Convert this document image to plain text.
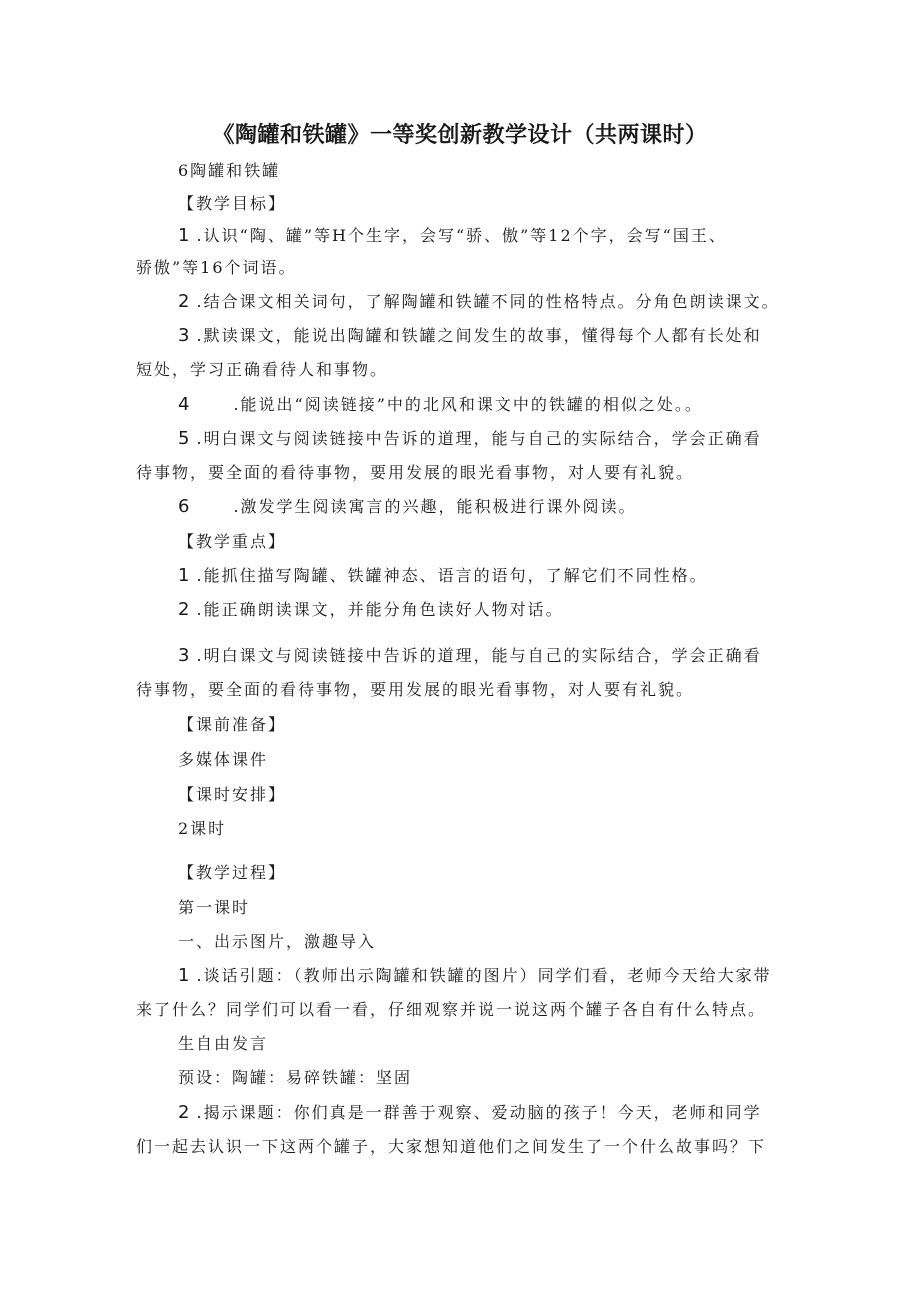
《陶罐和铁罐》一等奖创新教学设计（共两课时）
6陶罐和铁罐
【教学目标】
1 .认识“陶、罐”等H个生字，会写“骄、傲”等12个字，会写“国王、
骄傲”等16个词语。
2 .结合课文相关词句，了解陶罐和铁罐不同的性格特点。分角色朗读课文。
3 .默读课文，能说出陶罐和铁罐之间发生的故事，懂得每个人都有长处和
短处，学习正确看待人和事物。
4	.能说出“阅读链接”中的北风和课文中的铁罐的相似之处。。
5 .明白课文与阅读链接中告诉的道理，能与自己的实际结合，学会正确看
待事物，要全面的看待事物，要用发展的眼光看事物，对人要有礼貌。
6	.激发学生阅读寓言的兴趣，能积极进行课外阅读。
【教学重点】
1 .能抓住描写陶罐、铁罐神态、语言的语句，了解它们不同性格。
2 .能正确朗读课文，并能分角色读好人物对话。
3 .明白课文与阅读链接中告诉的道理，能与自己的实际结合，学会正确看
待事物，要全面的看待事物，要用发展的眼光看事物，对人要有礼貌。
【课前准备】
多媒体课件
【课时安排】
2课时
【教学过程】
第一课时
一、出示图片，激趣导入
1 .谈话引题：（教师出示陶罐和铁罐的图片）同学们看，老师今天给大家带
来了什么？同学们可以看一看，仔细观察并说一说这两个罐子各自有什么特点。
生自由发言
预设：陶罐：易碎铁罐：坚固
2 .揭示课题：你们真是一群善于观察、爱动脑的孩子！今天，老师和同学
们一起去认识一下这两个罐子，大家想知道他们之间发生了一个什么故事吗？下
